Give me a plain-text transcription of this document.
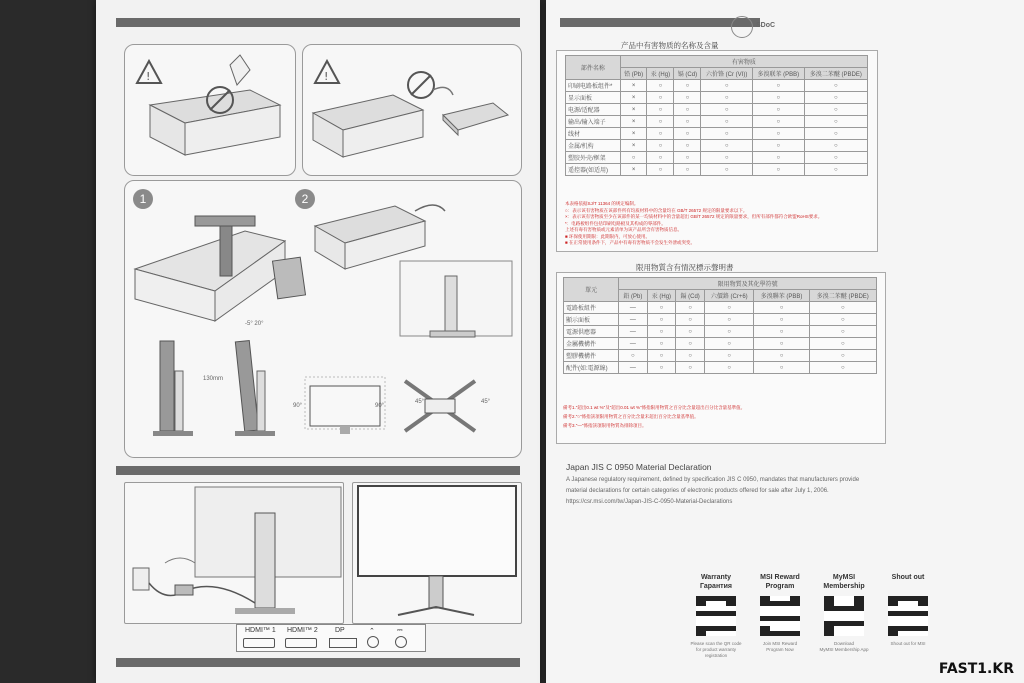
!	!
1	2
130mm
-5° 20°
90°	90°
45°	45°
HDMI™ 1 HDMI™ 2 DP	⌃	⎓
产品中有害物质的名称及含量
SDoC
部件名称	有害物质					
	铅 (Pb)	汞 (Hg)	镉 (Cd)	六价铬 (Cr (VI))	多溴联苯 (PBB)	多溴二苯醚 (PBDE)
印刷电路板组件*	×	○	○	○	○	○
显示面板	×	○	○	○	○	○
电源/适配器	×	○	○	○	○	○
输出/输入端子	×	○	○	○	○	○
线材	×	○	○	○	○	○
金属/机构	×	○	○	○	○	○
塑胶外壳/框架	○	○	○	○	○	○
遥控器(如适用)	×	○	○	○	○	○
本表格依据SJ/T 11364 的规定编制。
○：表示该有害物质在该部件所有均质材料中的含量均在 GB/T 26572 规定的限量要求以下。
×：表示该有害物质至少在该部件的某一均质材料中的含量超出 GB/T 26572 规定的限量要求，但所有部件都符合欧盟RoHS要求。
*：电路板组件包括印刷电路板及其构成的零部件。
上述有毒有害物质或元素清单为该产品所含有害物质信息。
■ 环保使用期限：此期限内，可放心使用。
■ 在正常使用条件下，产品中有毒有害物质不会发生外泄或突变。
限用物質含有情況標示聲明書
單元	限用物質及其化學符號					
	鉛 (Pb)	汞 (Hg)	鎘 (Cd)	六價鉻 (Cr+6)	多溴聯苯 (PBB)	多溴二苯醚 (PBDE)
電路板組件	—	○	○	○	○	○
顯示面板	—	○	○	○	○	○
電源供應器	—	○	○	○	○	○
金屬機構件	—	○	○	○	○	○
塑膠機構件	○	○	○	○	○	○
配件(如:電源線)	—	○	○	○	○	○
備考1."超出0.1 wt %"及"超出0.01 wt %"係指限用物質之百分比含量超出百分比含量基準值。
備考2."○"係指該項限用物質之百分比含量未超出百分比含量基準值。
備考3."—"係指該項限用物質為排除項目。
Japan JIS C 0950 Material Declaration
A Japanese regulatory requirement, defined by specification JIS C 0950, mandates that manufacturers provide
material declarations for certain categories of electronic products offered for sale after July 1, 2006.
https://csr.msi.com/tw/Japan-JIS-C-0950-Material-Declarations
Warranty
Гарантия
Please scan the QR code
for product warranty
registration
MSI Reward
Program
Join MSI Reward
Program Now
MyMSI
Membership
Download
MyMSI Membership App
Shout out
Shout out for MSI
FAST1.KR
